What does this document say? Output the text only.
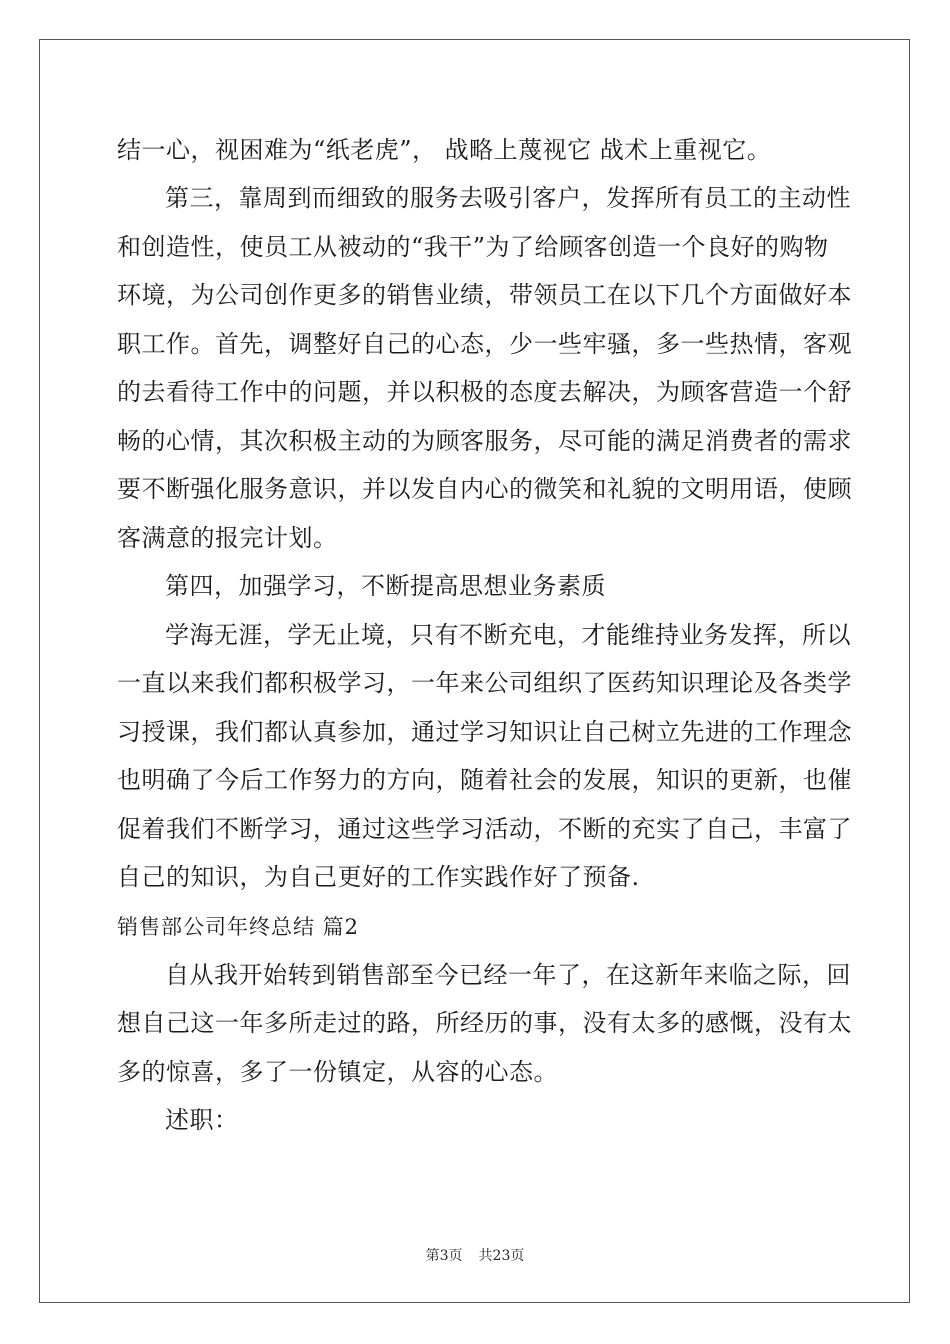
结一心，视困难为“纸老虎”， 战略上蔑视它 战术上重视它。
第三，靠周到而细致的服务去吸引客户，发挥所有员工的主动性
和创造性，使员工从被动的“我干”为了给顾客创造一个良好的购物
环境，为公司创作更多的销售业绩，带领员工在以下几个方面做好本
职工作。首先，调整好自己的心态，少一些牢骚，多一些热情，客观
的去看待工作中的问题，并以积极的态度去解决，为顾客营造一个舒
畅的心情，其次积极主动的为顾客服务，尽可能的满足消费者的需求
要不断强化服务意识，并以发自内心的微笑和礼貌的文明用语，使顾
客满意的报完计划。
第四，加强学习，不断提高思想业务素质
学海无涯，学无止境，只有不断充电，才能维持业务发挥，所以
一直以来我们都积极学习，一年来公司组织了医药知识理论及各类学
习授课，我们都认真参加，通过学习知识让自己树立先进的工作理念
也明确了今后工作努力的方向，随着社会的发展，知识的更新，也催
促着我们不断学习，通过这些学习活动，不断的充实了自己，丰富了
自己的知识，为自己更好的工作实践作好了预备.
销售部公司年终总结 篇2
自从我开始转到销售部至今已经一年了，在这新年来临之际，回
想自己这一年多所走过的路，所经历的事，没有太多的感慨，没有太
多的惊喜，多了一份镇定，从容的心态。
述职：
第3页 共23页
